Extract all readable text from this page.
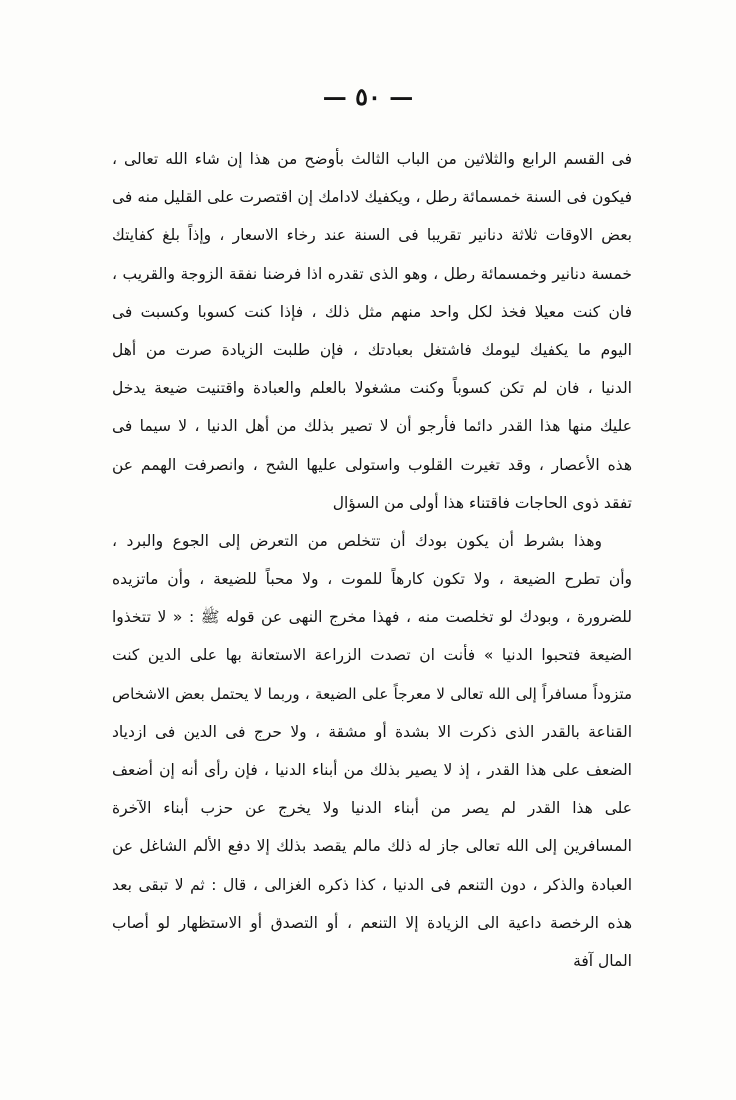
— ٥٠ —
فى القسم الرابع والثلاثين من الباب الثالث بأوضح من هذا إن شاء الله تعالى ،
فيكون فى السنة خمسمائة رطل ، ويكفيك لادامك إن اقتصرت على القليل منه فى
بعض الاوقات ثلاثة دنانير تقريبا فى السنة عند رخاء الاسعار ، وإذاً بلغ كفايتك
خمسة دنانير وخمسمائة رطل ، وهو الذى تقدره اذا فرضنا نفقة الزوجة والقريب ،
فان كنت معيلا فخذ لكل واحد منهم مثل ذلك ، فإذا كنت كسوبا وكسبت فى
اليوم ما يكفيك ليومك فاشتغل بعبادتك ، فإن طلبت الزيادة صرت من أهل
الدنيا ، فان لم تكن كسوباً وكنت مشغولا بالعلم والعبادة واقتنيت ضيعة يدخل
عليك منها هذا القدر دائما فأرجو أن لا تصير بذلك من أهل الدنيا ، لا سيما فى
هذه الأعصار ، وقد تغيرت القلوب واستولى عليها الشح ، وانصرفت الهمم عن
تفقد ذوى الحاجات فاقتناء هذا أولى من السؤال
وهذا بشرط أن يكون بودك أن تتخلص من التعرض إلى الجوع والبرد ،
وأن تطرح الضيعة ، ولا تكون كارهاً للموت ، ولا محباً للضيعة ، وأن ماتزيده
للضرورة ، وبودك لو تخلصت منه ، فهذا مخرج النهى عن قوله ﷺ : « لا تتخذوا
الضيعة فتحبوا الدنيا » فأنت ان تصدت الزراعة الاستعانة بها على الدين كنت
متزوداً مسافراً إلى الله تعالى لا معرجاً على الضيعة ، وربما لا يحتمل بعض الاشخاص
القناعة بالقدر الذى ذكرت الا بشدة أو مشقة ، ولا حرج فى الدين فى ازدياد
الضعف على هذا القدر ، إذ لا يصير بذلك من أبناء الدنيا ، فإن رأى أنه إن أضعف
على هذا القدر لم يصر من أبناء الدنيا ولا يخرج عن حزب أبناء الآخرة
المسافرين إلى الله تعالى جاز له ذلك مالم يقصد بذلك إلا دفع الألم الشاغل عن
العبادة والذكر ، دون التنعم فى الدنيا ، كذا ذكره الغزالى ، قال : ثم لا تبقى بعد
هذه الرخصة داعية الى الزيادة إلا التنعم ، أو التصدق أو الاستظهار لو أصاب
المال آفة
